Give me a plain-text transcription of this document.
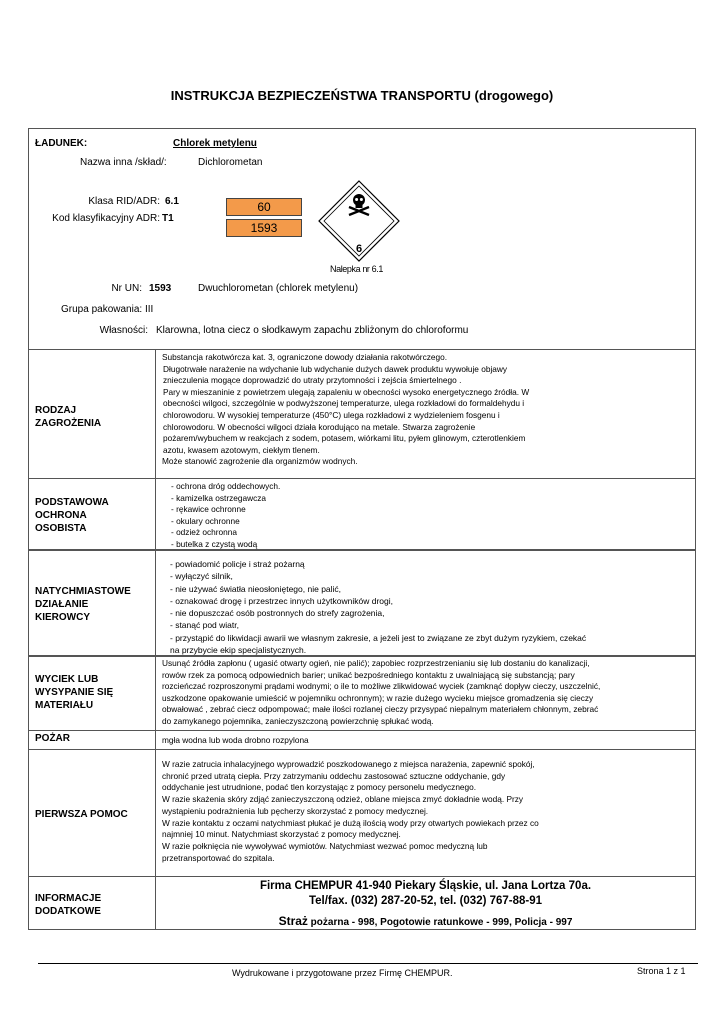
INSTRUKCJA BEZPIECZEŃSTWA TRANSPORTU (drogowego)
ŁADUNEK:	Chlorek metylenu
Nazwa inna /skład/:	Dichlorometan
Klasa RID/ADR: 6.1
Kod klasyfikacyjny ADR: T1
60
1593
6
Nalepka nr 6.1
Nr UN: 1593	Dwuchlorometan (chlorek metylenu)
Grupa pakowania: III
Własności: Klarowna, lotna ciecz o słodkawym zapachu zbliżonym do chloroformu
RODZAJ
ZAGROŻENIA
Substancja rakotwórcza kat. 3, ograniczone dowody działania rakotwórczego.
Długotrwałe narażenie na wdychanie lub wdychanie dużych dawek produktu wywołuje objawy
znieczulenia mogące doprowadzić do utraty przytomności i zejścia śmiertelnego .
Pary w mieszaninie z powietrzem ulegają zapaleniu w obecności wysoko energetycznego źródła. W
obecności wilgoci, szczególnie w podwyższonej temperaturze, ulega rozkładowi do formaldehydu i
chlorowodoru. W wysokiej temperaturze (450°C) ulega rozkładowi z wydzieleniem fosgenu i
chlorowodoru. W obecności wilgoci działa korodująco na metale. Stwarza zagrożenie
pożarem/wybuchem w reakcjach z sodem, potasem, wiórkami litu, pyłem glinowym, czterotlenkiem
azotu, kwasem azotowym, ciekłym tlenem.
Może stanowić zagrożenie dla organizmów wodnych.
PODSTAWOWA
OCHRONA
OSOBISTA
- ochrona dróg oddechowych.
- kamizelka ostrzegawcza
- rękawice ochronne
- okulary ochronne
- odzież ochronna
- butelka z czystą wodą
NATYCHMIASTOWE
DZIAŁANIE
KIEROWCY
- powiadomić policje i straż pożarną
- wyłączyć silnik,
- nie używać światła nieosłoniętego, nie palić,
- oznakować drogę i przestrzec innych użytkowników drogi,
- nie dopuszczać osób postronnych do strefy zagrożenia,
- stanąć pod wiatr,
- przystąpić do likwidacji awarii we własnym zakresie, a jeżeli jest to związane ze zbyt dużym ryzykiem, czekać
na przybycie ekip specjalistycznych.
WYCIEK LUB
WYSYPANIE SIĘ
MATERIAŁU
Usunąć źródła zapłonu ( ugasić otwarty ogień, nie palić); zapobiec rozprzestrzenianiu się lub dostaniu do kanalizacji,
rowów rzek za pomocą odpowiednich barier; unikać bezpośredniego kontaktu z uwalniającą się substancją; pary
rozcieńczać rozproszonymi prądami wodnymi; o ile to możliwe zlikwidować wyciek (zamknąć dopływ cieczy, uszczelnić,
uszkodzone opakowanie umieścić w pojemniku ochronnym); w razie dużego wycieku miejsce gromadzenia się cieczy
obwałować , zebrać ciecz odpompować; małe ilości rozlanej cieczy przysypać niepalnym materiałem chłonnym, zebrać
do zamykanego pojemnika, zanieczyszczoną powierzchnię spłukać wodą.
POŻAR	mgła wodna lub woda drobno rozpylona
PIERWSZA POMOC
W razie zatrucia inhalacyjnego wyprowadzić poszkodowanego z miejsca narażenia, zapewnić spokój,
chronić przed utratą ciepła. Przy zatrzymaniu oddechu zastosować sztuczne oddychanie, gdy
oddychanie jest utrudnione, podać tlen korzystając z pomocy personelu medycznego.
W razie skażenia skóry zdjąć zanieczyszczoną odzież, oblane miejsca zmyć dokładnie wodą. Przy
wystąpieniu podrażnienia lub pęcherzy skorzystać z pomocy medycznej.
W razie kontaktu z oczami natychmiast płukać je dużą ilością wody przy otwartych powiekach przez co
najmniej 10 minut. Natychmiast skorzystać z pomocy medycznej.
W razie połknięcia nie wywoływać wymiotów. Natychmiast wezwać pomoc medyczną lub
przetransportować do szpitala.
INFORMACJE
DODATKOWE
Firma CHEMPUR 41-940 Piekary Śląskie, ul. Jana Lortza 70a.
Tel/fax. (032) 287-20-52, tel. (032) 767-88-91
Straż pożarna - 998, Pogotowie ratunkowe - 999, Policja - 997
Wydrukowane i przygotowane przez Firmę CHEMPUR.	Strona 1 z 1
